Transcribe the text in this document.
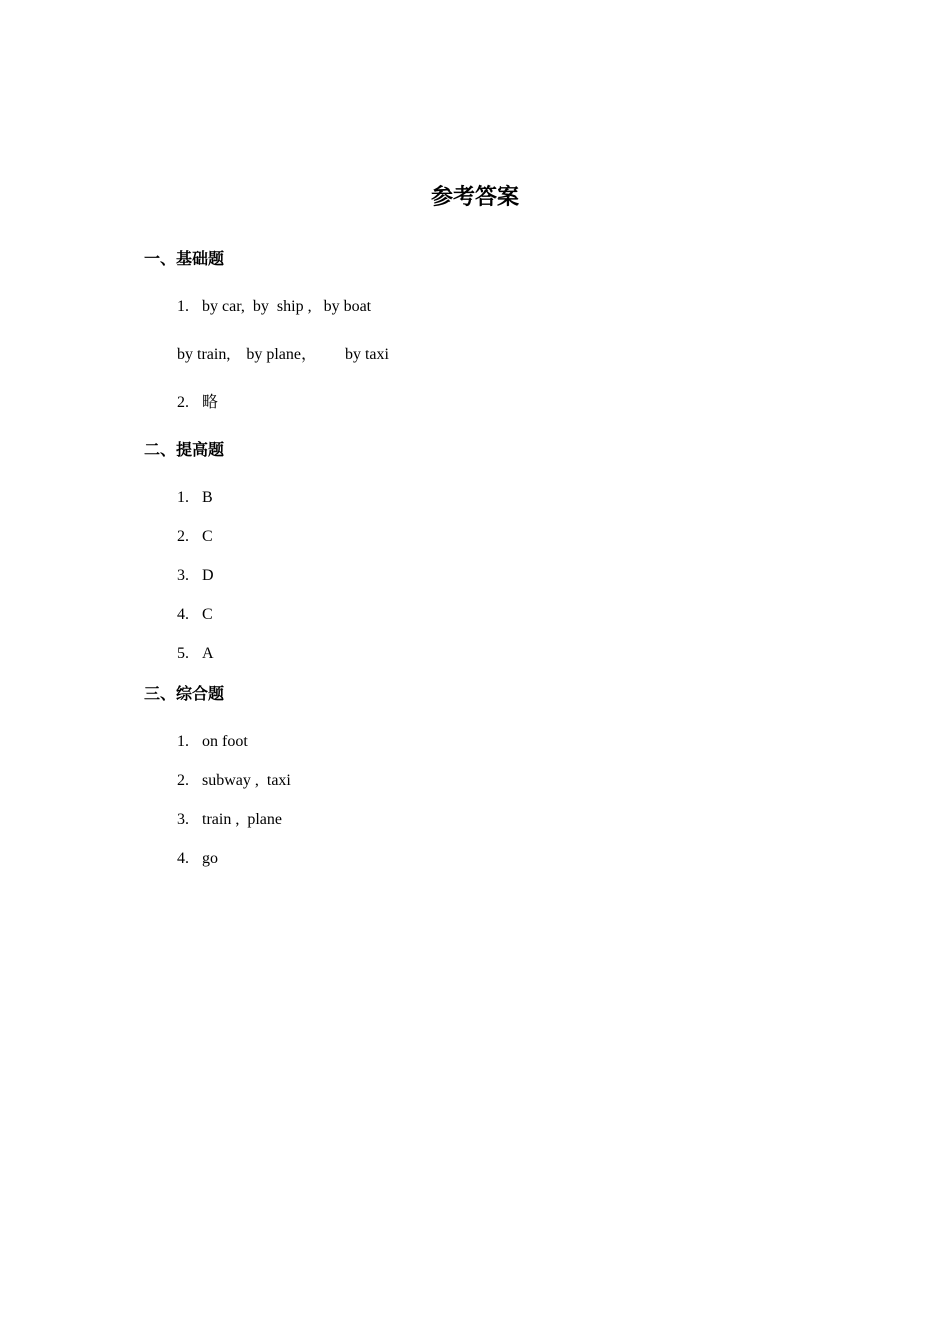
参考答案
一、基础题
1. by car,  by  ship ,   by boat
by train,    by plane，       by taxi
2. 略
二、提高题
1. B
2. C
3. D
4. C
5. A
三、综合题
1. on foot
2. subway ,  taxi
3. train ,  plane
4. go
